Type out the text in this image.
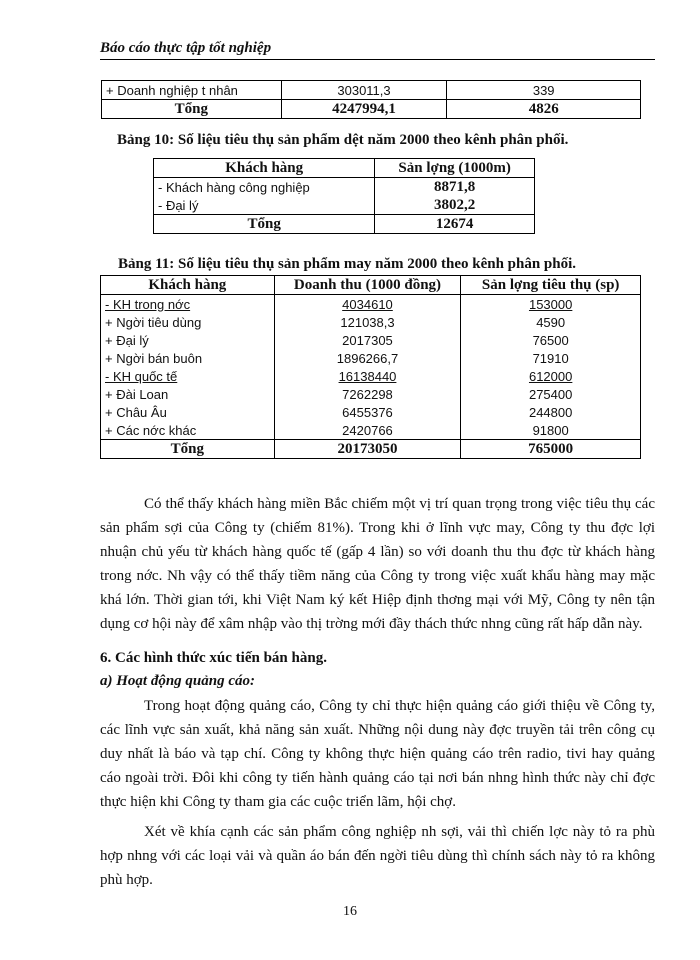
Báo cáo thực tập tốt nghiệp
+ Doanh nghiệp t nhân	303011,3	339
Tổng	4247994,1	4826
Bảng 10: Số liệu tiêu thụ sản phẩm dệt năm 2000 theo kênh phân phối.
Khách hàng	Sản lợng (1000m)
- Khách hàng công nghiệp	8871,8
- Đại lý	3802,2
Tổng	12674
Bảng 11: Số liệu tiêu thụ sản phẩm may năm 2000 theo kênh phân phối.
Khách hàng	Doanh thu (1000 đồng)	Sản lợng tiêu thụ (sp)
- KH trong nớc	4034610	153000
+ Ngời tiêu dùng	121038,3	4590
+ Đại lý	2017305	76500
+ Ngời bán buôn	1896266,7	71910
- KH quốc tế	16138440	612000
+ Đài Loan	7262298	275400
+ Châu Âu	6455376	244800
+ Các nớc khác	2420766	91800
Tổng	20173050	765000

Có thể thấy khách hàng miền Bắc chiếm một vị trí quan trọng trong việc tiêu thụ các sản phẩm sợi của Công ty (chiếm 81%). Trong khi ở lĩnh vực may, Công ty thu đợc lợi nhuận chủ yếu từ khách hàng quốc tế (gấp 4 lần) so với doanh thu thu đợc từ khách hàng trong nớc. Nh vậy có thể thấy tiềm năng của Công ty trong việc xuất khẩu hàng may mặc khá lớn. Thời gian tới, khi Việt Nam ký kết Hiệp định thơng mại với Mỹ, Công ty nên tận dụng cơ hội này để xâm nhập vào thị trờng mới đầy thách thức nhng cũng rất hấp dẫn này.

6. Các hình thức xúc tiến bán hàng.
a) Hoạt động quảng cáo:

Trong hoạt động quảng cáo, Công ty chỉ thực hiện quảng cáo giới thiệu về Công ty, các lĩnh vực sản xuất, khả năng sản xuất. Những nội dung này đợc truyền tải trên công cụ duy nhất là báo và tạp chí. Công ty không thực hiện quảng cáo trên radio, tivi hay quảng cáo ngoài trời. Đôi khi công ty tiến hành quảng cáo tại nơi bán nhng hình thức này chỉ đợc thực hiện khi Công ty tham gia các cuộc triển lãm, hội chợ.

Xét về khía cạnh các sản phẩm công nghiệp nh sợi, vải thì chiến lợc này tỏ ra phù hợp nhng với các loại vải và quần áo bán đến ngời tiêu dùng thì chính sách này tỏ ra không phù hợp.

16
